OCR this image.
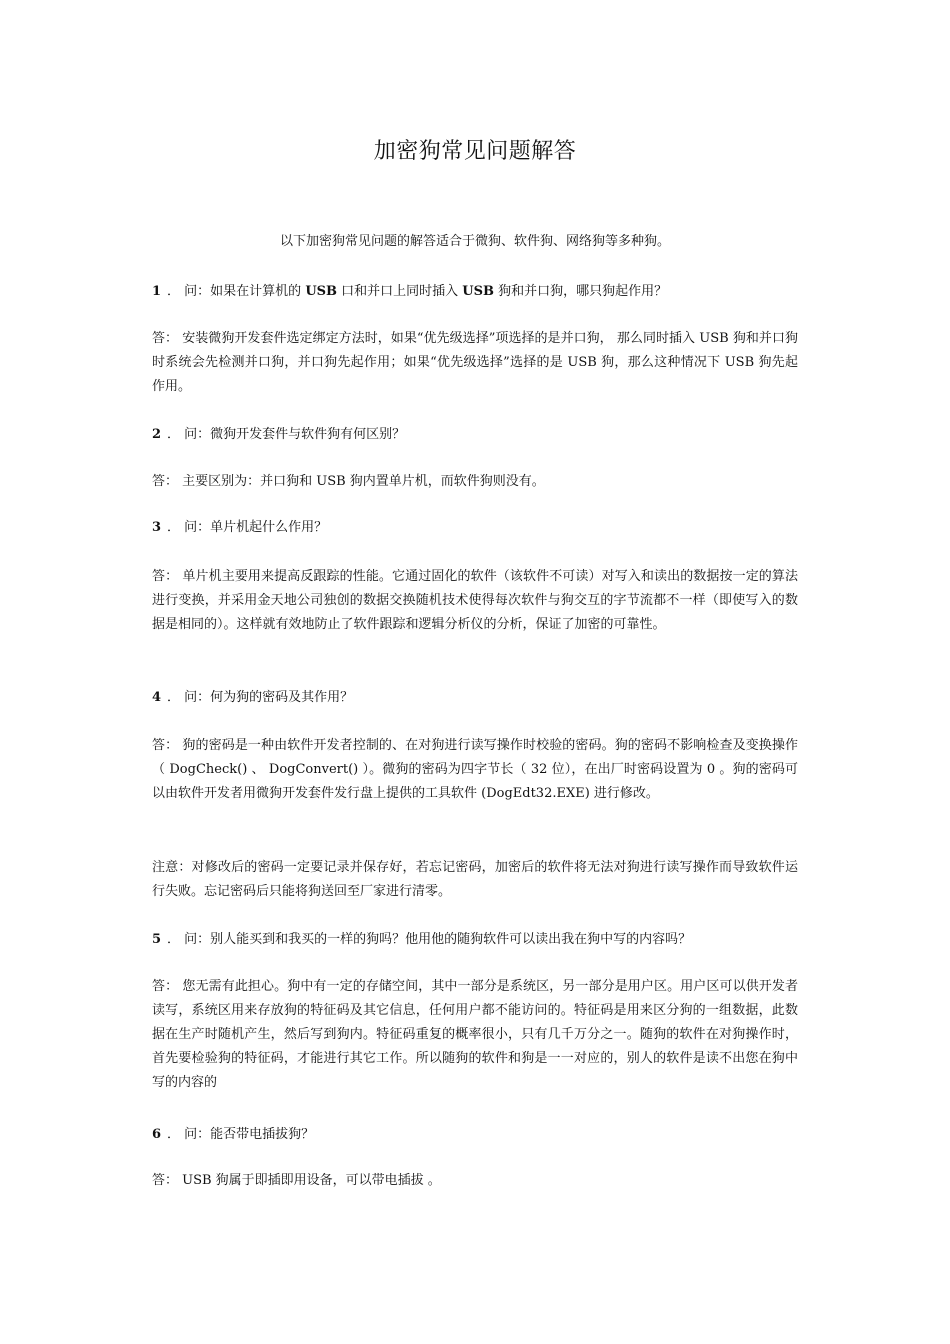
加密狗常见问题解答

以下加密狗常见问题的解答适合于微狗、软件狗、网络狗等多种狗。

1 ． 问：如果在计算机的 USB 口和并口上同时插入 USB 狗和并口狗，哪只狗起作用？

答： 安装微狗开发套件选定绑定方法时，如果“优先级选择”项选择的是并口狗， 那么同时插入 USB 狗和并口狗时系统会先检测并口狗，并口狗先起作用；如果“优先级选择”选择的是 USB 狗，那么这种情况下 USB 狗先起作用。

2 ． 问：微狗开发套件与软件狗有何区别？

答： 主要区别为：并口狗和 USB 狗内置单片机，而软件狗则没有。

3 ． 问：单片机起什么作用？

答： 单片机主要用来提高反跟踪的性能。它通过固化的软件（该软件不可读）对写入和读出的数据按一定的算法进行变换，并采用金天地公司独创的数据交换随机技术使得每次软件与狗交互的字节流都不一样（即使写入的数据是相同的）。这样就有效地防止了软件跟踪和逻辑分析仪的分析，保证了加密的可靠性。

4 ． 问：何为狗的密码及其作用？

答： 狗的密码是一种由软件开发者控制的、在对狗进行读写操作时校验的密码。狗的密码不影响检查及变换操作（ DogCheck() 、 DogConvert() ）。微狗的密码为四字节长（ 32 位），在出厂时密码设置为 0 。狗的密码可以由软件开发者用微狗开发套件发行盘上提供的工具软件 (DogEdt32.EXE) 进行修改。

注意：对修改后的密码一定要记录并保存好，若忘记密码，加密后的软件将无法对狗进行读写操作而导致软件运行失败。忘记密码后只能将狗送回至厂家进行清零。

5 ． 问：别人能买到和我买的一样的狗吗？他用他的随狗软件可以读出我在狗中写的内容吗？

答： 您无需有此担心。狗中有一定的存储空间，其中一部分是系统区，另一部分是用户区。用户区可以供开发者读写，系统区用来存放狗的特征码及其它信息，任何用户都不能访问的。特征码是用来区分狗的一组数据，此数据在生产时随机产生，然后写到狗内。特征码重复的概率很小，只有几千万分之一。随狗的软件在对狗操作时，首先要检验狗的特征码，才能进行其它工作。所以随狗的软件和狗是一一对应的，别人的软件是读不出您在狗中写的内容的

6 ． 问：能否带电插拔狗？

答： USB 狗属于即插即用设备，可以带电插拔 。
